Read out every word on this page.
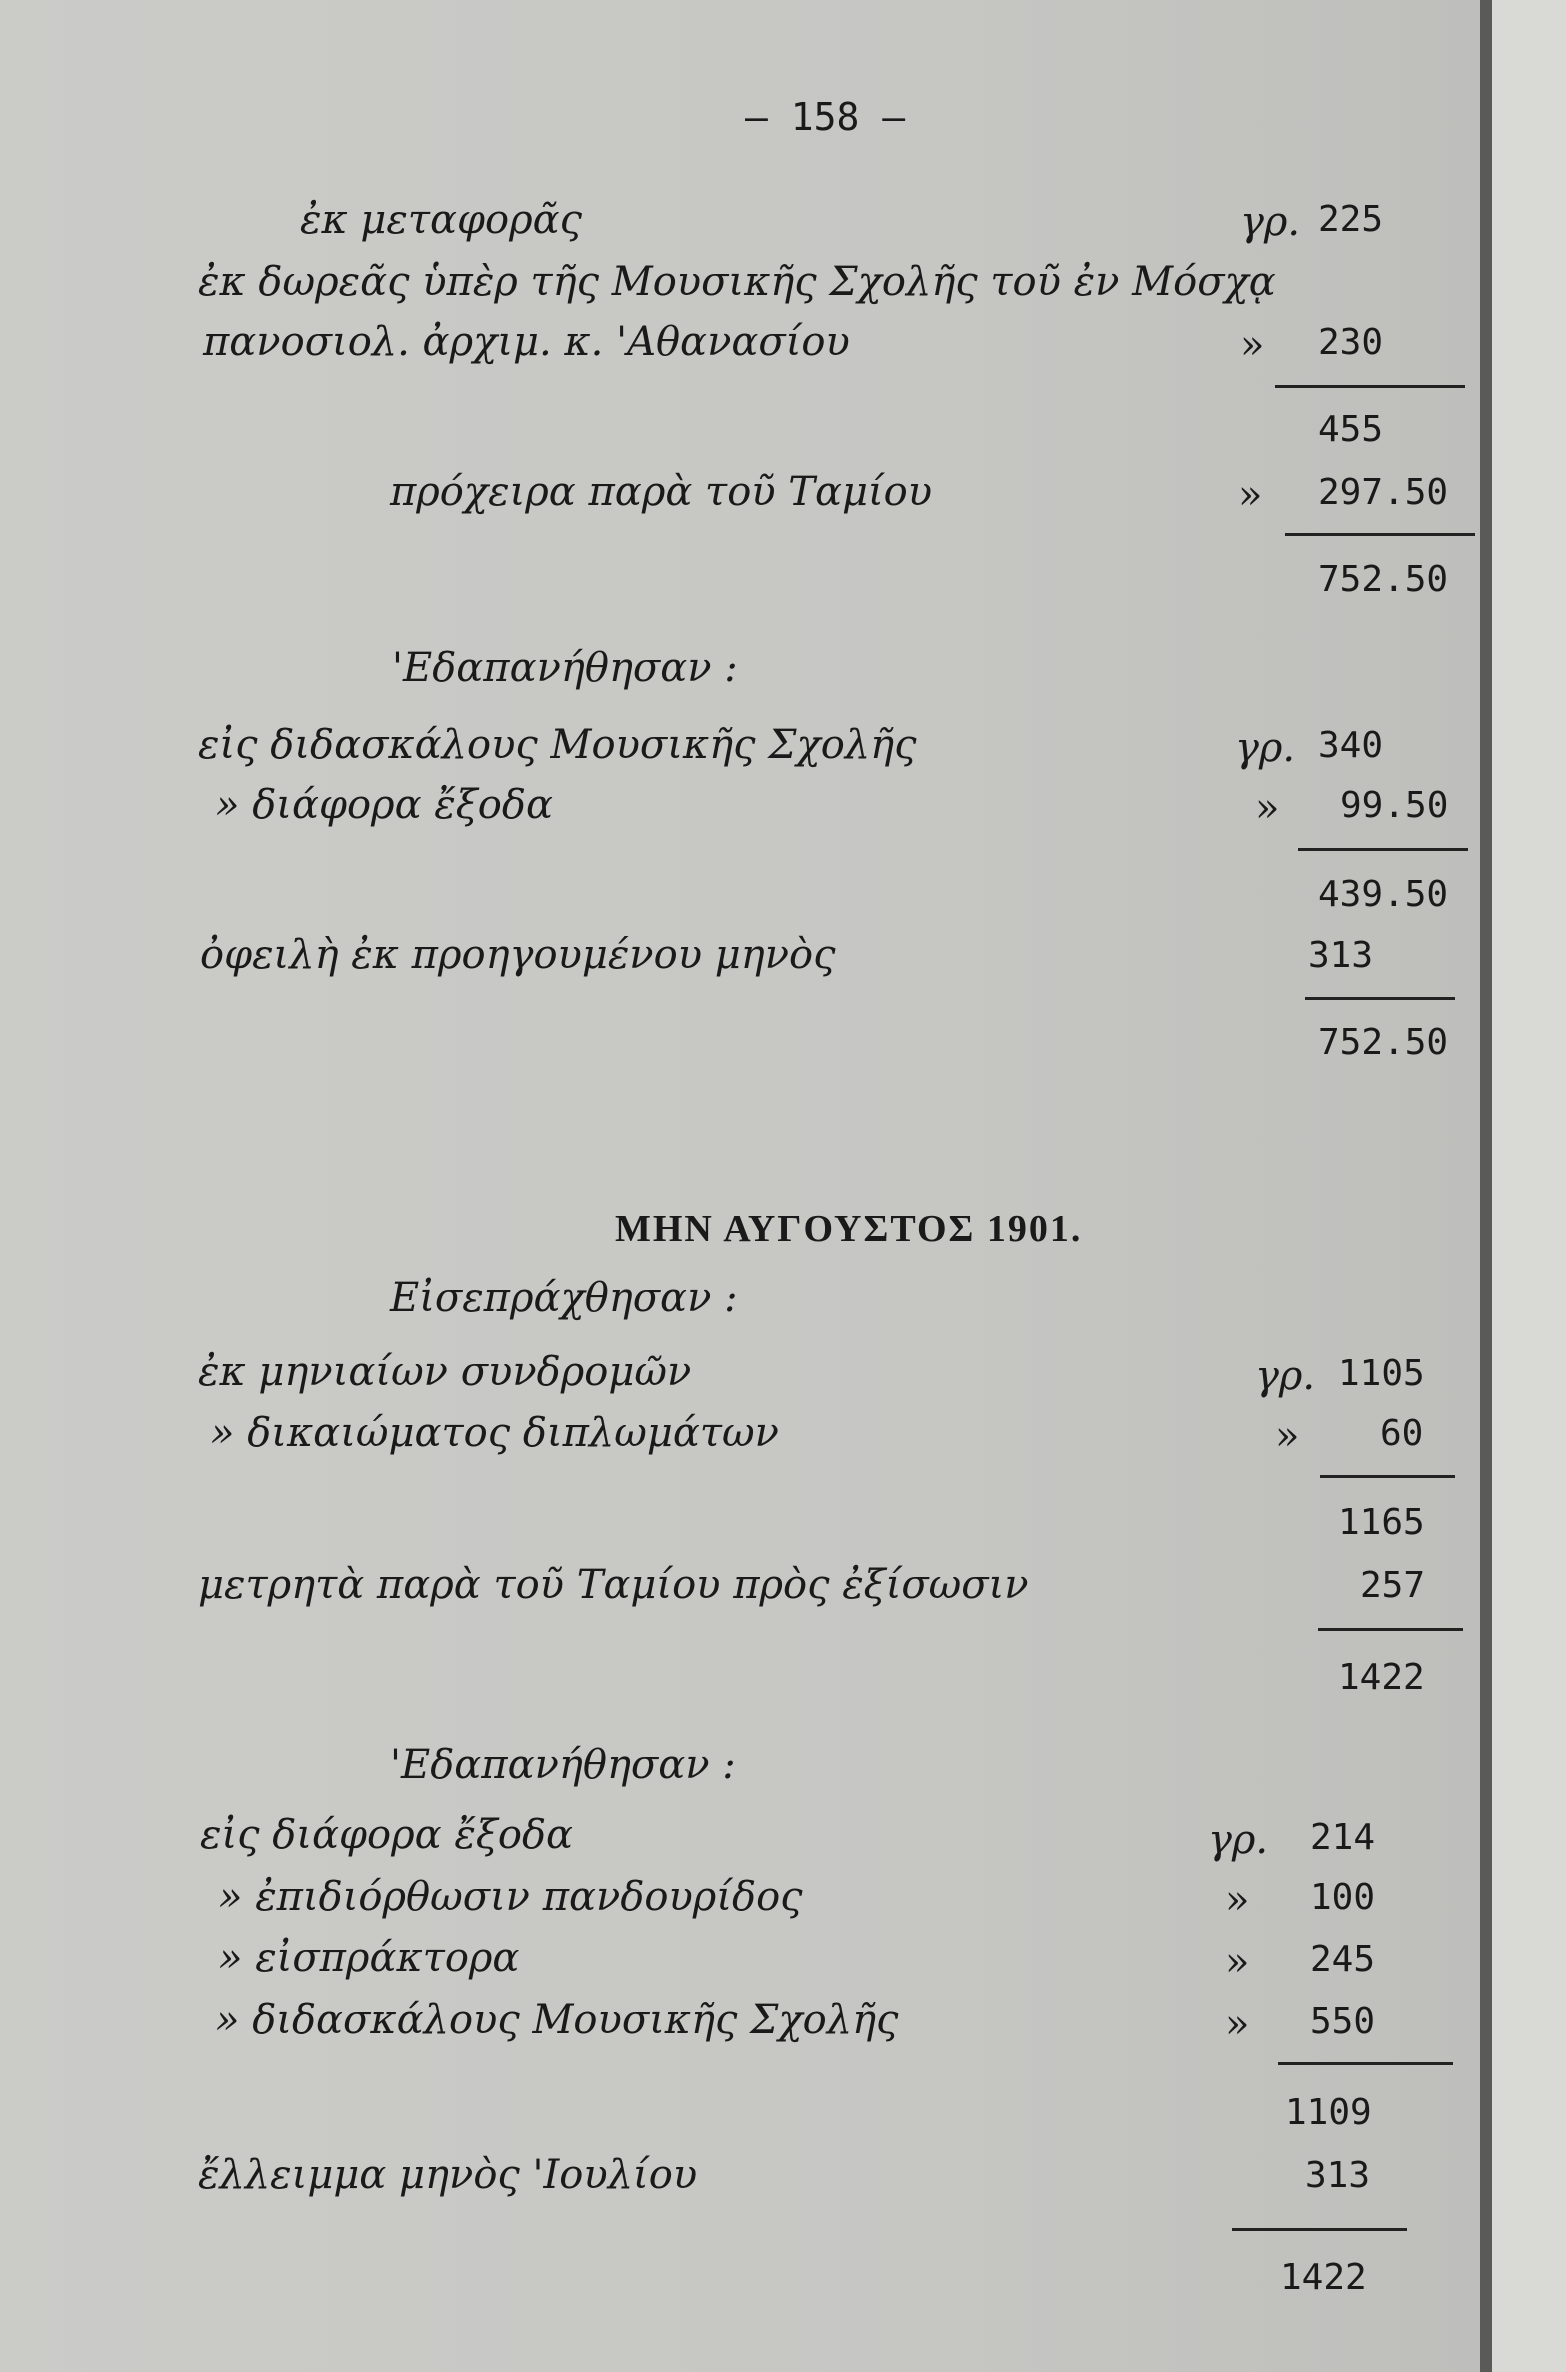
— 158 —
ἐκ μεταφορᾶς	γρ. 225
ἐκ δωρεᾶς ὑπὲρ τῆς Μουσικῆς Σχολῆς τοῦ ἐν Μόσχᾳ
πανοσιολ. ἀρχιμ. κ. 'Αθανασίου	» 230
455
πρόχειρα παρὰ τοῦ Ταμίου	» 297.50
752.50
'Εδαπανήθησαν :
εἰς διδασκάλους Μουσικῆς Σχολῆς	γρ. 340
» διάφορα ἔξοδα	» 99.50
439.50
ὀφειλὴ ἐκ προηγουμένου μηνὸς	313
752.50
ΜΗΝ ΑΥΓΟΥΣΤΟΣ 1901.
Εἰσεπράχθησαν :
ἐκ μηνιαίων συνδρομῶν	γρ. 1105
» δικαιώματος διπλωμάτων	» 60
1165
μετρητὰ παρὰ τοῦ Ταμίου πρὸς ἐξίσωσιν	257
1422
'Εδαπανήθησαν :
εἰς διάφορα ἔξοδα	γρ. 214
» ἐπιδιόρθωσιν πανδουρίδος	» 100
» εἰσπράκτορα	» 245
» διδασκάλους Μουσικῆς Σχολῆς	» 550
1109
ἔλλειμμα μηνὸς 'Ιουλίου	313
1422
